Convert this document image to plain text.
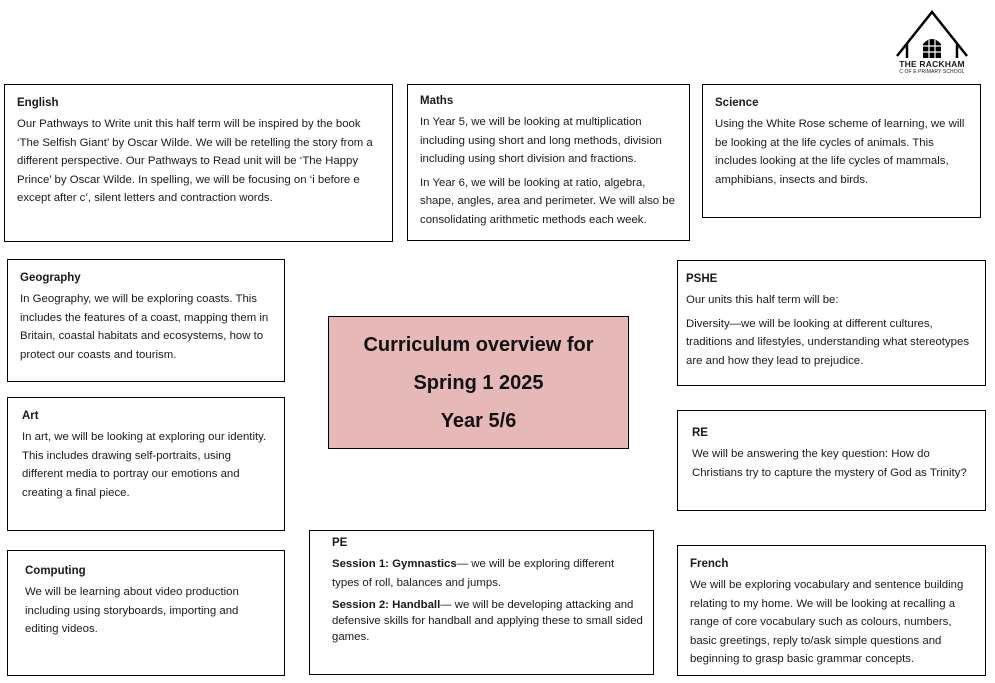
THE RACKHAM
C OF E PRIMARY SCHOOL
English

Our Pathways to Write unit this half term will be inspired by the book ‘The Selfish Giant’ by Oscar Wilde. We will be retelling the story from a different perspective. Our Pathways to Read unit will be ‘The Happy Prince’ by Oscar Wilde. In spelling, we will be focusing on ‘i before e except after c’, silent letters and contraction words.

Maths

In Year 5, we will be looking at multiplication including using short and long methods, division including using short division and fractions.

In Year 6, we will be looking at ratio, algebra, shape, angles, area and perimeter. We will also be consolidating arithmetic methods each week.

Science

Using the White Rose scheme of learning, we will be looking at the life cycles of animals. This includes looking at the life cycles of mammals, amphibians, insects and birds.

Geography

In Geography, we will be exploring coasts. This includes the features of a coast, mapping them in Britain, coastal habitats and ecosystems, how to protect our coasts and tourism.	Curriculum overview for
Spring 1 2025
Year 5/6
PSHE

Our units this half term will be:

Diversity—we will be looking at different cultures, traditions and lifestyles, understanding what stereotypes are and how they lead to prejudice.

Art

In art, we will be looking at exploring our identity. This includes drawing self-portraits, using different media to portray our emotions and creating a final piece.

RE

We will be answering the key question: How do Christians try to capture the mystery of God as Trinity?

Computing

We will be learning about video production including using storyboards, importing and editing videos.

PE

Session 1: Gymnastics— we will be exploring different types of roll, balances and jumps.

Session 2: Handball— we will be developing attacking and defensive skills for handball and applying these to small sided games.

French

We will be exploring vocabulary and sentence building relating to my home. We will be looking at recalling a range of core vocabulary such as colours, numbers, basic greetings, reply to/ask simple questions and beginning to grasp basic grammar concepts.
